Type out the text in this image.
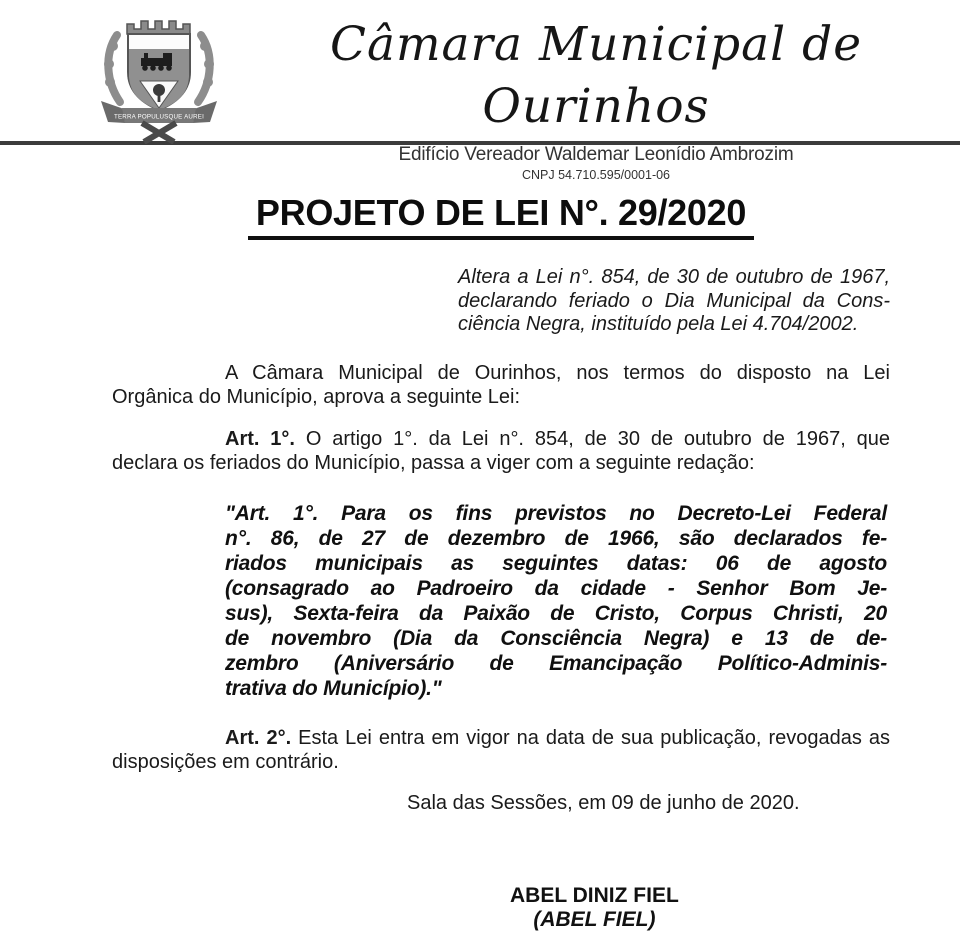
TERRA POPULUSQUE AUREI
Câmara Municipal de Ourinhos
Edifício Vereador Waldemar Leonídio Ambrozim
CNPJ 54.710.595/0001-06
PROJETO DE LEI N°. 29/2020
Altera a Lei n°. 854, de 30 de outubro de 1967,
declarando feriado o Dia Municipal da Cons-
ciência Negra, instituído pela Lei 4.704/2002.
A Câmara Municipal de Ourinhos, nos termos do disposto na Lei
Orgânica do Município, aprova a seguinte Lei:
Art. 1°. O artigo 1°. da Lei n°. 854, de 30 de outubro de 1967, que
declara os feriados do Município, passa a viger com a seguinte redação:
"Art. 1°. Para os fins previstos no Decreto-Lei Federal
n°. 86, de 27 de dezembro de 1966, são declarados fe-
riados municipais as seguintes datas: 06 de agosto
(consagrado ao Padroeiro da cidade - Senhor Bom Je-
sus), Sexta-feira da Paixão de Cristo, Corpus Christi, 20
de novembro (Dia da Consciência Negra) e 13 de de-
zembro (Aniversário de Emancipação Político-Adminis-
trativa do Município)."
Art. 2°. Esta Lei entra em vigor na data de sua publicação, revogadas as
disposições em contrário.
Sala das Sessões, em 09 de junho de 2020.
ABEL DINIZ FIEL
(ABEL FIEL)
